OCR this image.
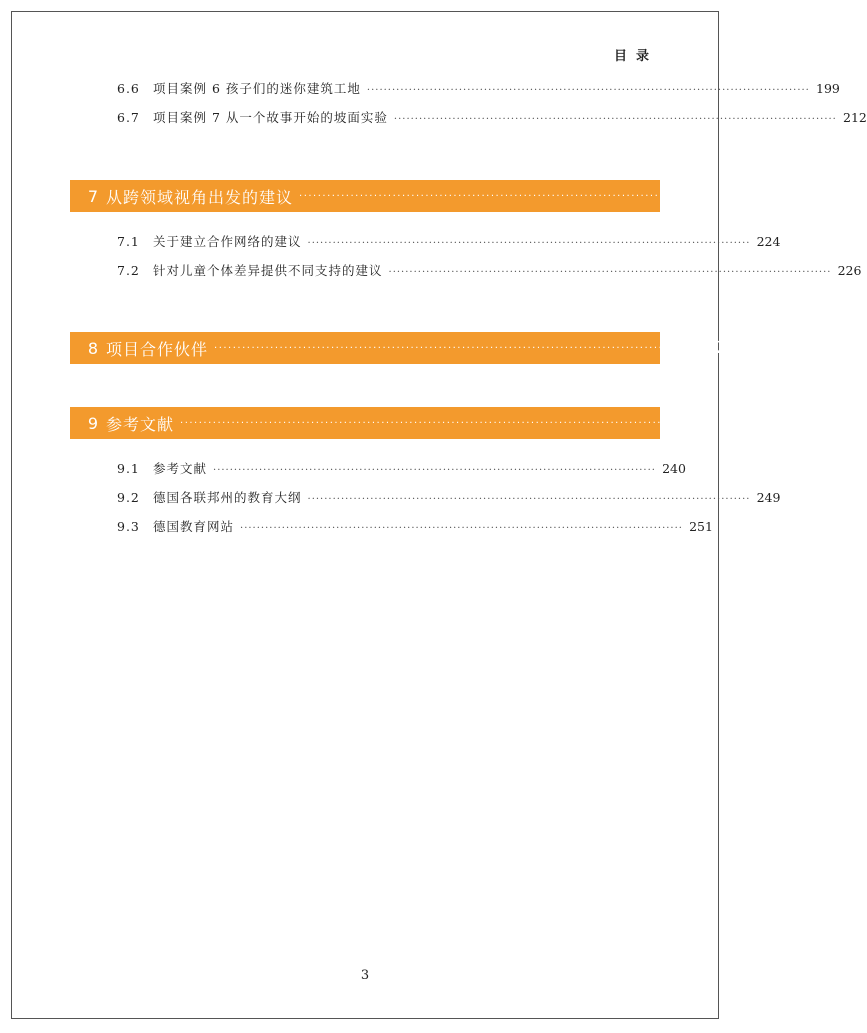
目录
6.6	项目案例 6 孩子们的迷你建筑工地 ·········································································································· 199
6.7	项目案例 7 从一个故事开始的坡面实验 ·········································································································· 212
7 从跨领域视角出发的建议 ·········································································································· 223
7.1	关于建立合作网络的建议 ·········································································································· 224
7.2	针对儿童个体差异提供不同支持的建议 ·········································································································· 226
8 项目合作伙伴 ·········································································································· 233
9 参考文献 ·········································································································· 239
9.1	参考文献 ·········································································································· 240
9.2	德国各联邦州的教育大纲 ·········································································································· 249
9.3	德国教育网站 ·········································································································· 251
3
